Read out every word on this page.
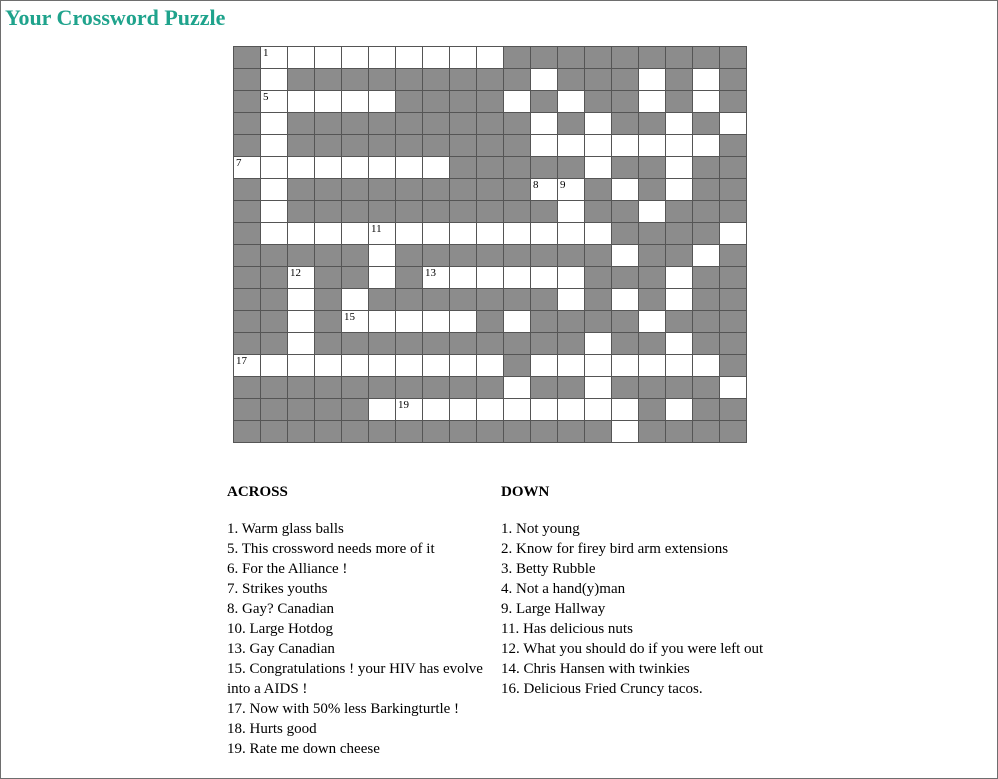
Your Crossword Puzzle

	1																	

	5																	

7																		

											8	9						

					11													

		12					13											

				15														

17																		

						19												

ACROSS
1. Warm glass balls
5. This crossword needs more of it
6. For the Alliance !
7. Strikes youths
8. Gay? Canadian
10. Large Hotdog
13. Gay Canadian
15. Congratulations ! your HIV has evolve into a AIDS !
17. Now with 50% less Barkingturtle !
18. Hurts good
19. Rate me down cheese
DOWN
1. Not young
2. Know for firey bird arm extensions
3. Betty Rubble
4. Not a hand(y)man
9. Large Hallway
11. Has delicious nuts
12. What you should do if you were left out
14. Chris Hansen with twinkies
16. Delicious Fried Cruncy tacos.
